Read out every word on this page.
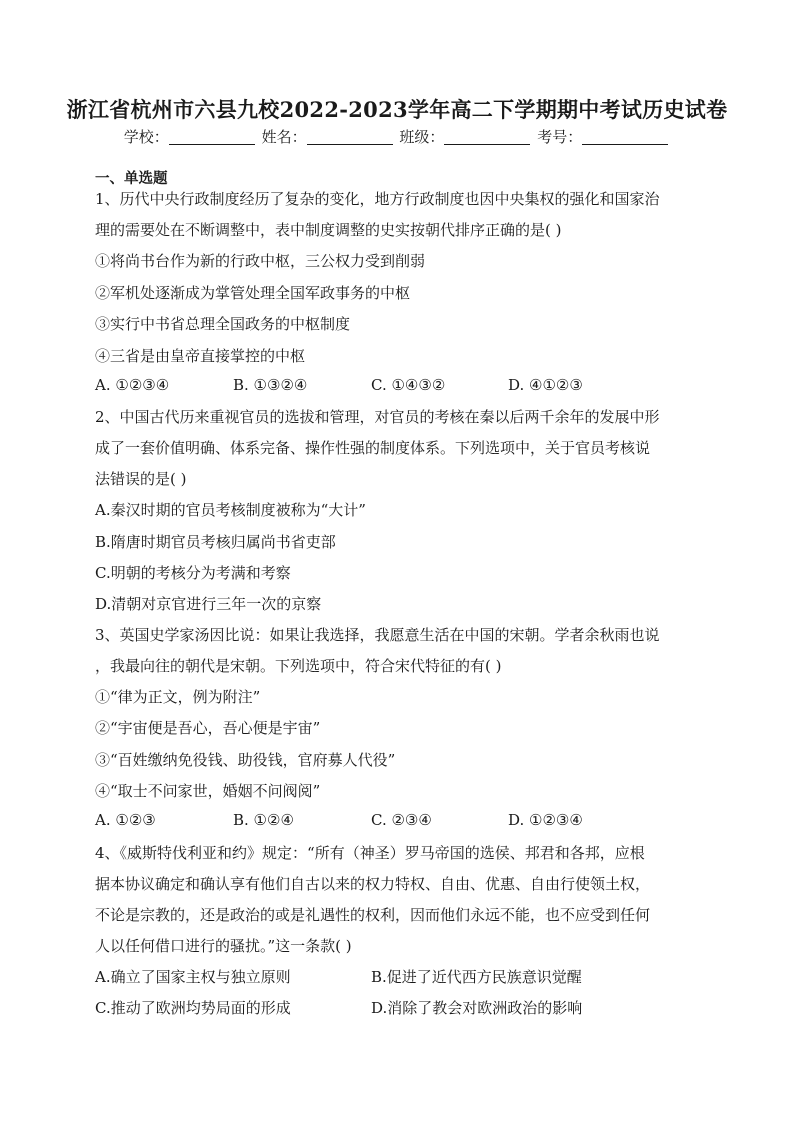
浙江省杭州市六县九校2022-2023学年高二下学期期中考试历史试卷
学校：	姓名：	班级：	考号：
一、单选题
1、历代中央行政制度经历了复杂的变化，地方行政制度也因中央集权的强化和国家治
理的需要处在不断调整中，表中制度调整的史实按朝代排序正确的是( )
①将尚书台作为新的行政中枢，三公权力受到削弱
②军机处逐渐成为掌管处理全国军政事务的中枢
③实行中书省总理全国政务的中枢制度
④三省是由皇帝直接掌控的中枢
A. ①②③④	B. ①③②④	C. ①④③②	D. ④①②③
2、中国古代历来重视官员的选拔和管理，对官员的考核在秦以后两千余年的发展中形
成了一套价值明确、体系完备、操作性强的制度体系。下列选项中，关于官员考核说
法错误的是( )
A.秦汉时期的官员考核制度被称为“大计”
B.隋唐时期官员考核归属尚书省吏部
C.明朝的考核分为考满和考察
D.清朝对京官进行三年一次的京察
3、英国史学家汤因比说：如果让我选择，我愿意生活在中国的宋朝。学者余秋雨也说
，我最向往的朝代是宋朝。下列选项中，符合宋代特征的有( )
①“律为正文，例为附注”
②“宇宙便是吾心，吾心便是宇宙”
③“百姓缴纳免役钱、助役钱，官府募人代役”
④“取士不问家世，婚姻不问阀阅”
A. ①②③	B. ①②④	C. ②③④	D. ①②③④
4、《威斯特伐利亚和约》规定：“所有（神圣）罗马帝国的选侯、邦君和各邦，应根
据本协议确定和确认享有他们自古以来的权力特权、自由、优惠、自由行使领土权，
不论是宗教的，还是政治的或是礼遇性的权利，因而他们永远不能，也不应受到任何
人以任何借口进行的骚扰。”这一条款( )
A.确立了国家主权与独立原则	B.促进了近代西方民族意识觉醒
C.推动了欧洲均势局面的形成	D.消除了教会对欧洲政治的影响
